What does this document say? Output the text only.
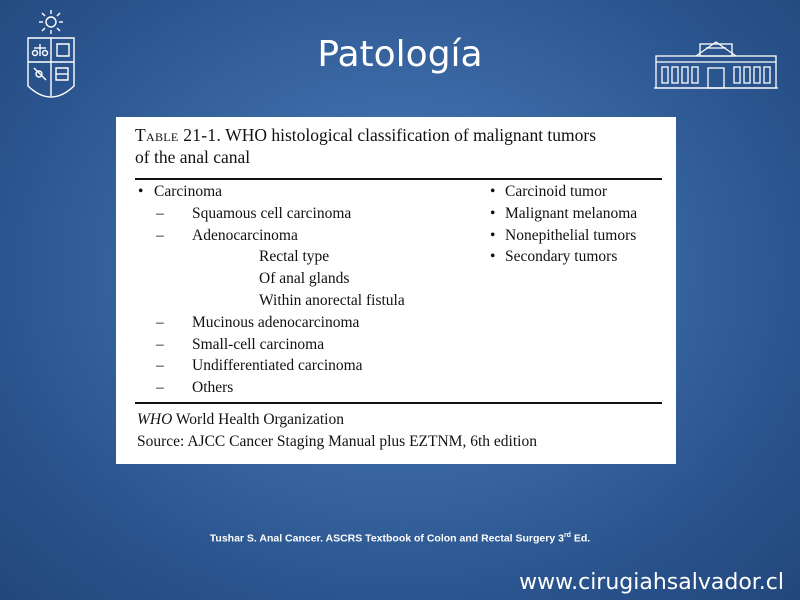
Patología
Table 21-1. WHO histological classification of malignant tumors
of the anal canal
• Carcinoma
– Squamous cell carcinoma
– Adenocarcinoma
Rectal type
Of anal glands
Within anorectal fistula
– Mucinous adenocarcinoma
– Small-cell carcinoma
– Undifferentiated carcinoma
– Others
• Carcinoid tumor
• Malignant melanoma
• Nonepithelial tumors
• Secondary tumors
WHO World Health Organization
Source: AJCC Cancer Staging Manual plus EZTNM, 6th edition
Tushar S. Anal Cancer. ASCRS Textbook of Colon and Rectal Surgery 3rd Ed.
www.cirugiahsalvador.cl
